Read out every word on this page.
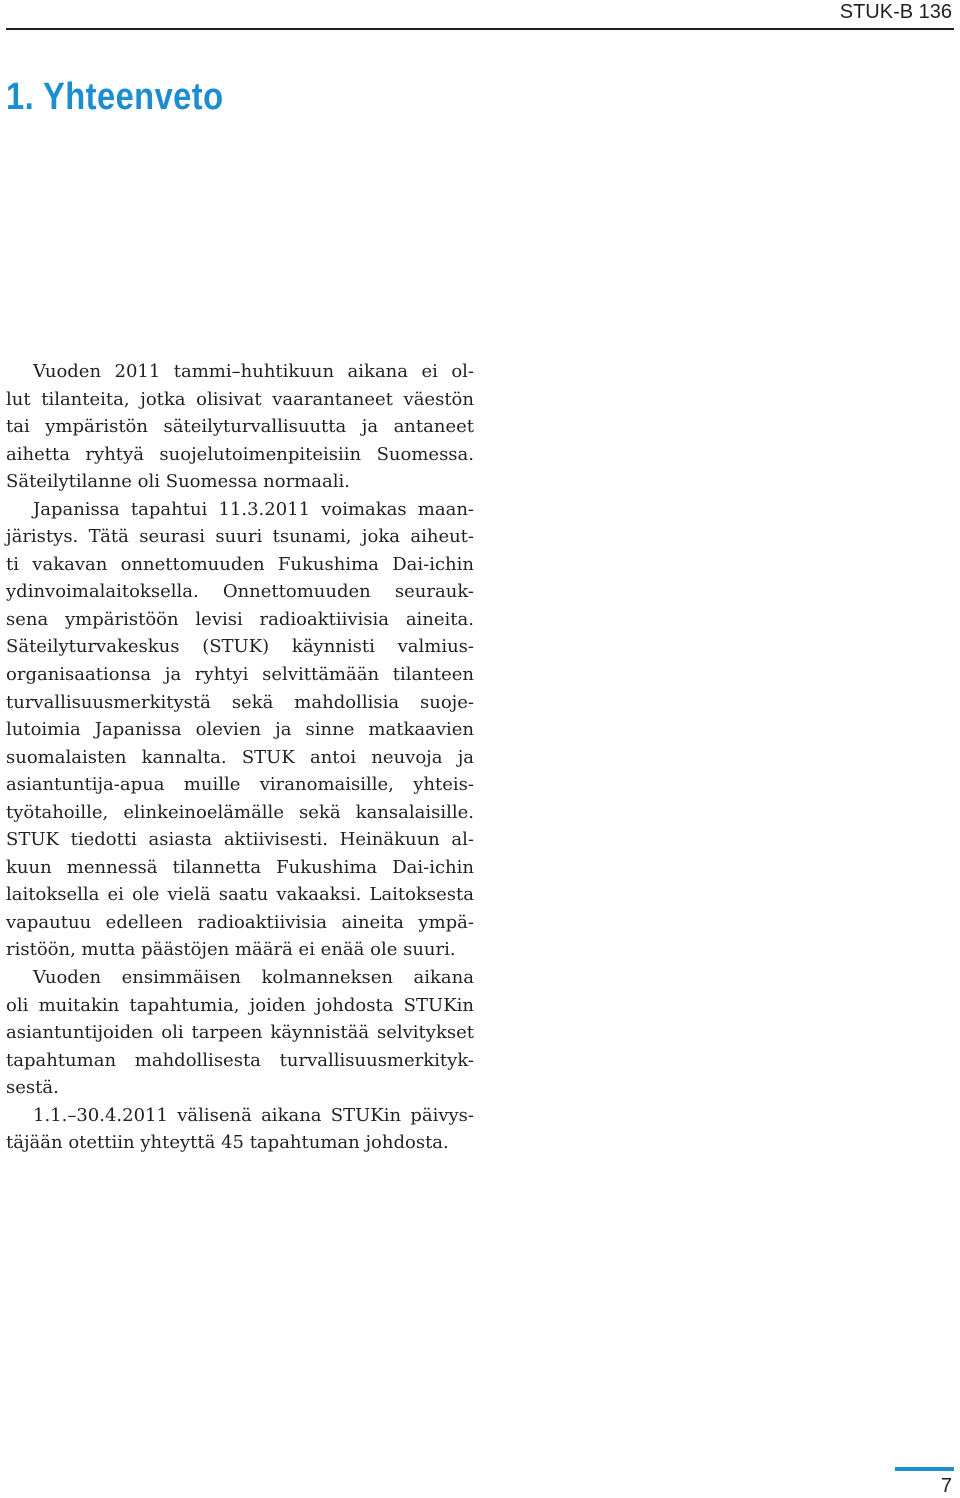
STUK-B 136
1. Yhteenveto
Vuoden 2011 tammi–huhtikuun aikana ei ol-
lut tilanteita, jotka olisivat vaarantaneet väestön
tai ympäristön säteilyturvallisuutta ja antaneet
aihetta ryhtyä suojelutoimenpiteisiin Suomessa.
Säteilytilanne oli Suomessa normaali.
Japanissa tapahtui 11.3.2011 voimakas maan-
järistys. Tätä seurasi suuri tsunami, joka aiheut-
ti vakavan onnettomuuden Fukushima Dai-ichin
ydinvoimalaitoksella. Onnettomuuden seurauk-
sena ympäristöön levisi radioaktiivisia aineita.
Säteilyturvakeskus (STUK) käynnisti valmius-
organisaationsa ja ryhtyi selvittämään tilanteen
turvallisuusmerkitystä sekä mahdollisia suoje-
lutoimia Japanissa olevien ja sinne matkaavien
suomalaisten kannalta. STUK antoi neuvoja ja
asiantuntija-apua muille viranomaisille, yhteis-
työtahoille, elinkeinoelämälle sekä kansalaisille.
STUK tiedotti asiasta aktiivisesti. Heinäkuun al-
kuun mennessä tilannetta Fukushima Dai-ichin
laitoksella ei ole vielä saatu vakaaksi. Laitoksesta
vapautuu edelleen radioaktiivisia aineita ympä-
ristöön, mutta päästöjen määrä ei enää ole suuri.
Vuoden ensimmäisen kolmanneksen aikana
oli muitakin tapahtumia, joiden johdosta STUKin
asiantuntijoiden oli tarpeen käynnistää selvitykset
tapahtuman mahdollisesta turvallisuusmerkityk-
sestä.
1.1.–30.4.2011 välisenä aikana STUKin päivys-
täjään otettiin yhteyttä 45 tapahtuman johdosta.
7
